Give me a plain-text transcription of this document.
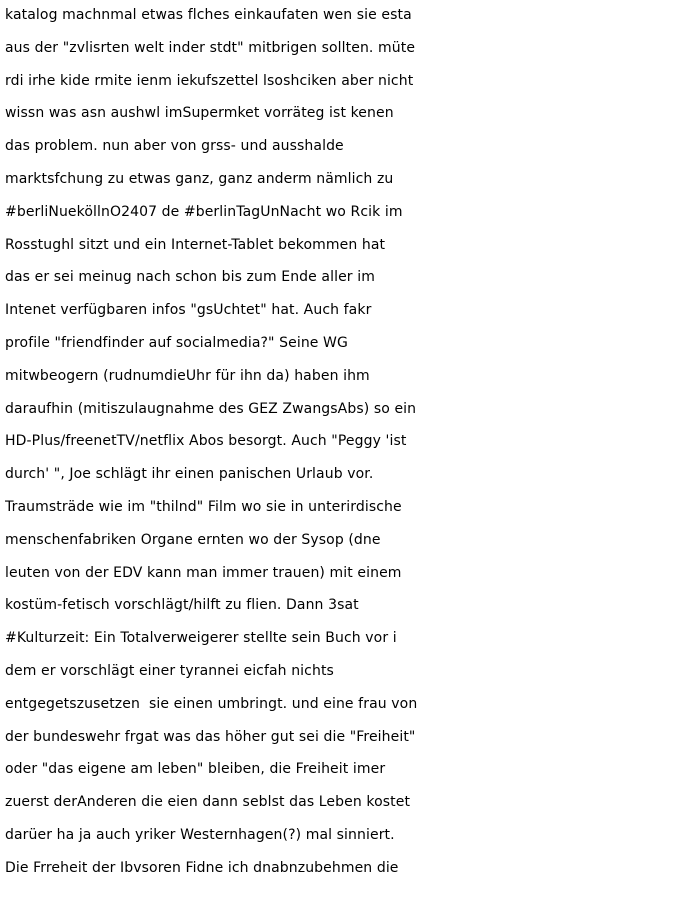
katalog machnmal etwas flches einkaufaten wen sie esta
aus der "zvlisrten welt inder stdt" mitbrigen sollten. müte
rdi irhe kide rmite ienm iekufszettel lsoshciken aber nicht
wissn was asn aushwl imSupermket vorräteg ist kenen
das problem. nun aber von grss- und ausshalde
marktsfchung zu etwas ganz, ganz anderm nämlich zu
#berliNueköllnO2407 de #berlinTagUnNacht wo Rcik im
Rosstughl sitzt und ein Internet-Tablet bekommen hat
das er sei meinug nach schon bis zum Ende aller im
Intenet verfügbaren infos "gsUchtet" hat. Auch fakr
profile "friendfinder auf socialmedia?" Seine WG
mitwbeogern (rudnumdieUhr für ihn da) haben ihm
daraufhin (mitiszulaugnahme des GEZ ZwangsAbs) so ein
HD-Plus/freenetTV/netflix Abos besorgt. Auch "Peggy 'ist
durch' ", Joe schlägt ihr einen panischen Urlaub vor.
Traumsträde wie im "thilnd" Film wo sie in unterirdische
menschenfabriken Organe ernten wo der Sysop (dne
leuten von der EDV kann man immer trauen) mit einem
kostüm-fetisch vorschlägt/hilft zu flien. Dann 3sat
#Kulturzeit: Ein Totalverweigerer stellte sein Buch vor i
dem er vorschlägt einer tyrannei eicfah nichts
entgegetszusetzen  sie einen umbringt. und eine frau von
der bundeswehr frgat was das höher gut sei die "Freiheit"
oder "das eigene am leben" bleiben, die Freiheit imer
zuerst derAnderen die eien dann seblst das Leben kostet
darüer ha ja auch yriker Westernhagen(?) mal sinniert.
Die Frreheit der Ibvsoren Fidne ich dnabnzubehmen die
